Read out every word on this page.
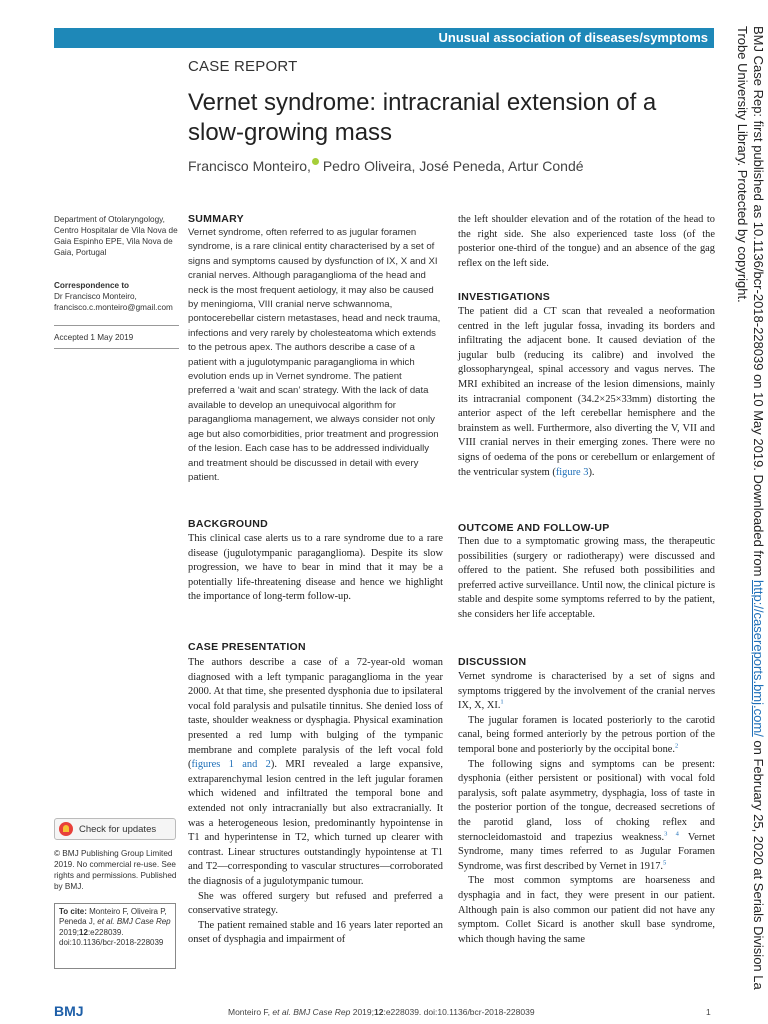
Unusual association of diseases/symptoms
CASE REPORT
Vernet syndrome: intracranial extension of a slow-growing mass
Francisco Monteiro, Pedro Oliveira, José Peneda, Artur Condé
Department of Otolaryngology, Centro Hospitalar de Vila Nova de Gaia Espinho EPE, Vila Nova de Gaia, Portugal
Correspondence to
Dr Francisco Monteiro,
francisco.c.monteiro@gmail.com
Accepted 1 May 2019
Check for updates
© BMJ Publishing Group Limited 2019. No commercial re-use. See rights and permissions. Published by BMJ.
To cite: Monteiro F, Oliveira P, Peneda J, et al. BMJ Case Rep 2019;12:e228039. doi:10.1136/bcr-2018-228039
SUMMARY

Vernet syndrome, often referred to as jugular foramen syndrome, is a rare clinical entity characterised by a set of signs and symptoms caused by dysfunction of IX, X and XI cranial nerves. Although paraganglioma of the head and neck is the most frequent aetiology, it may also be caused by meningioma, VIII cranial nerve schwannoma, pontocerebellar cistern metastases, head and neck trauma, infections and very rarely by cholesteatoma which extends to the petrous apex. The authors describe a case of a patient with a jugulotympanic paraganglioma in which evolution ends up in Vernet syndrome. The patient preferred a ‘wait and scan’ strategy. With the lack of data available to develop an unequivocal algorithm for paraganglioma management, we always consider not only age but also comorbidities, prior treatment and progression of the lesion. Each case has to be addressed individually and treatment should be discussed in detail with every patient.

BACKGROUND

This clinical case alerts us to a rare syndrome due to a rare disease (jugulotympanic paraganglioma). Despite its slow progression, we have to bear in mind that it may be a potentially life-threatening disease and hence we highlight the importance of long-term follow-up.

CASE PRESENTATION

The authors describe a case of a 72-year-old woman diagnosed with a left tympanic paraganglioma in the year 2000. At that time, she presented dysphonia due to ipsilateral vocal fold paralysis and pulsatile tinnitus. She denied loss of taste, shoulder weakness or dysphagia. Physical examination presented a red lump with bulging of the tympanic membrane and complete paralysis of the left vocal fold (figures 1 and 2). MRI revealed a large expansive, extraparenchymal lesion centred in the left jugular foramen which widened and infiltrated the temporal bone and extended not only intracranially but also extracranially. It was a heterogeneous lesion, predominantly hypointense in T1 and hyperintense in T2, which turned up clearer with contrast. Linear structures outstandingly hypointense at T1 and T2—corresponding to vascular structures—corroborated the diagnosis of a jugulotympanic tumour.

She was offered surgery but refused and preferred a conservative strategy.

The patient remained stable and 16 years later reported an onset of dysphagia and impairment of

the left shoulder elevation and of the rotation of the head to the right side. She also experienced taste loss (of the posterior one-third of the tongue) and an absence of the gag reflex on the left side.

INVESTIGATIONS

The patient did a CT scan that revealed a neoformation centred in the left jugular fossa, invading its borders and infiltrating the adjacent bone. It caused deviation of the jugular bulb (reducing its calibre) and involved the glossopharyngeal, spinal accessory and vagus nerves. The MRI exhibited an increase of the lesion dimensions, mainly its intracranial component (34.2×25×33mm) distorting the anterior aspect of the left cerebellar hemisphere and the brainstem as well. Furthermore, also diverting the V, VII and VIII cranial nerves in their emerging zones. There were no signs of oedema of the pons or cerebellum or enlargement of the ventricular system (figure 3).

OUTCOME AND FOLLOW-UP

Then due to a symptomatic growing mass, the therapeutic possibilities (surgery or radiotherapy) were discussed and offered to the patient. She refused both possibilities and preferred active surveillance. Until now, the clinical picture is stable and despite some symptoms referred to by the patient, she considers her life acceptable.

DISCUSSION

Vernet syndrome is characterised by a set of signs and symptoms triggered by the involvement of the cranial nerves IX, X, XI.$^1$

The jugular foramen is located posteriorly to the carotid canal, being formed anteriorly by the petrous portion of the temporal bone and posteriorly by the occipital bone.$^2$

The following signs and symptoms can be present: dysphonia (either persistent or positional) with vocal fold paralysis, soft palate asymmetry, dysphagia, loss of taste in the posterior portion of the tongue, decreased secretions of the parotid gland, loss of choking reflex and sternocleidomastoid and trapezius weakness.$^{3 4}$ Vernet Syndrome, many times referred to as Jugular Foramen Syndrome, was first described by Vernet in 1917.$^5$

The most common symptoms are hoarseness and dysphagia and in fact, they were present in our patient. Although pain is also common our patient did not have any symptom. Collet Sicard is another skull base syndrome, which though having the same

BMJ	Monteiro F, et al. BMJ Case Rep 2019;12:e228039. doi:10.1136/bcr-2018-228039	1
BMJ Case Rep: first published as 10.1136/bcr-2018-228039 on 10 May 2019. Downloaded from http://casereports.bmj.com/ on February 25, 2020 at Serials Division La Trobe University Library. Protected by copyright.
